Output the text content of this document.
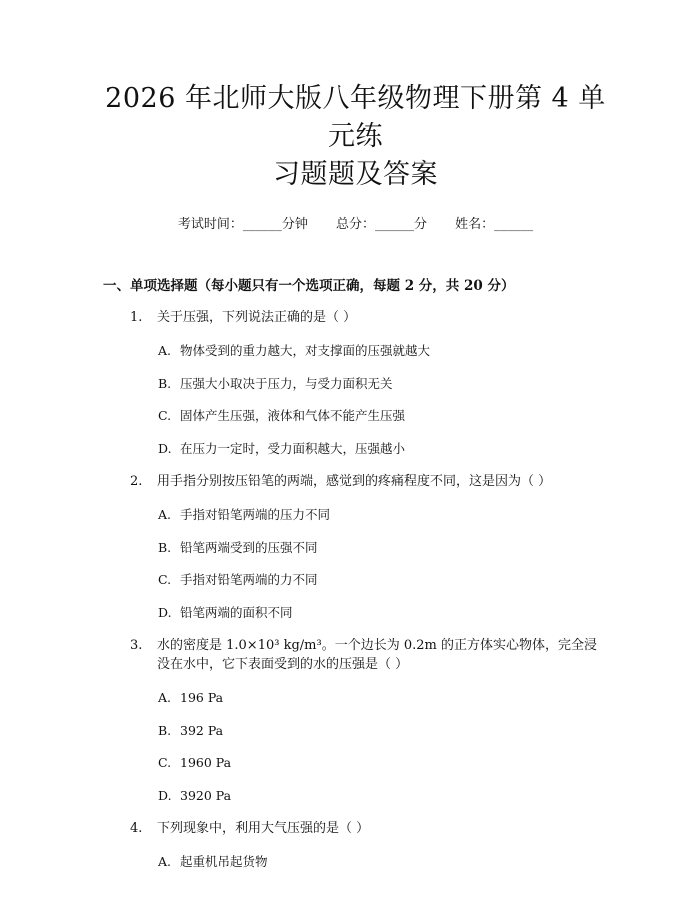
2026 年北师大版八年级物理下册第 4 单元练
习题题及答案
考试时间：______分钟 总分：______分 姓名：______
一、单项选择题（每小题只有一个选项正确，每题 2 分，共 20 分）
1. 关于压强，下列说法正确的是（ ）
A. 物体受到的重力越大，对支撑面的压强就越大
B. 压强大小取决于压力，与受力面积无关
C. 固体产生压强，液体和气体不能产生压强
D. 在压力一定时，受力面积越大，压强越小
2. 用手指分别按压铅笔的两端，感觉到的疼痛程度不同，这是因为（ ）
A. 手指对铅笔两端的压力不同
B. 铅笔两端受到的压强不同
C. 手指对铅笔两端的力不同
D. 铅笔两端的面积不同
3. 水的密度是 1.0×10³ kg/m³。一个边长为 0.2m 的正方体实心物体，完全浸没在水中，它下表面受到的水的压强是（ ）
A. 196 Pa
B. 392 Pa
C. 1960 Pa
D. 3920 Pa
4. 下列现象中，利用大气压强的是（ ）
A. 起重机吊起货物
